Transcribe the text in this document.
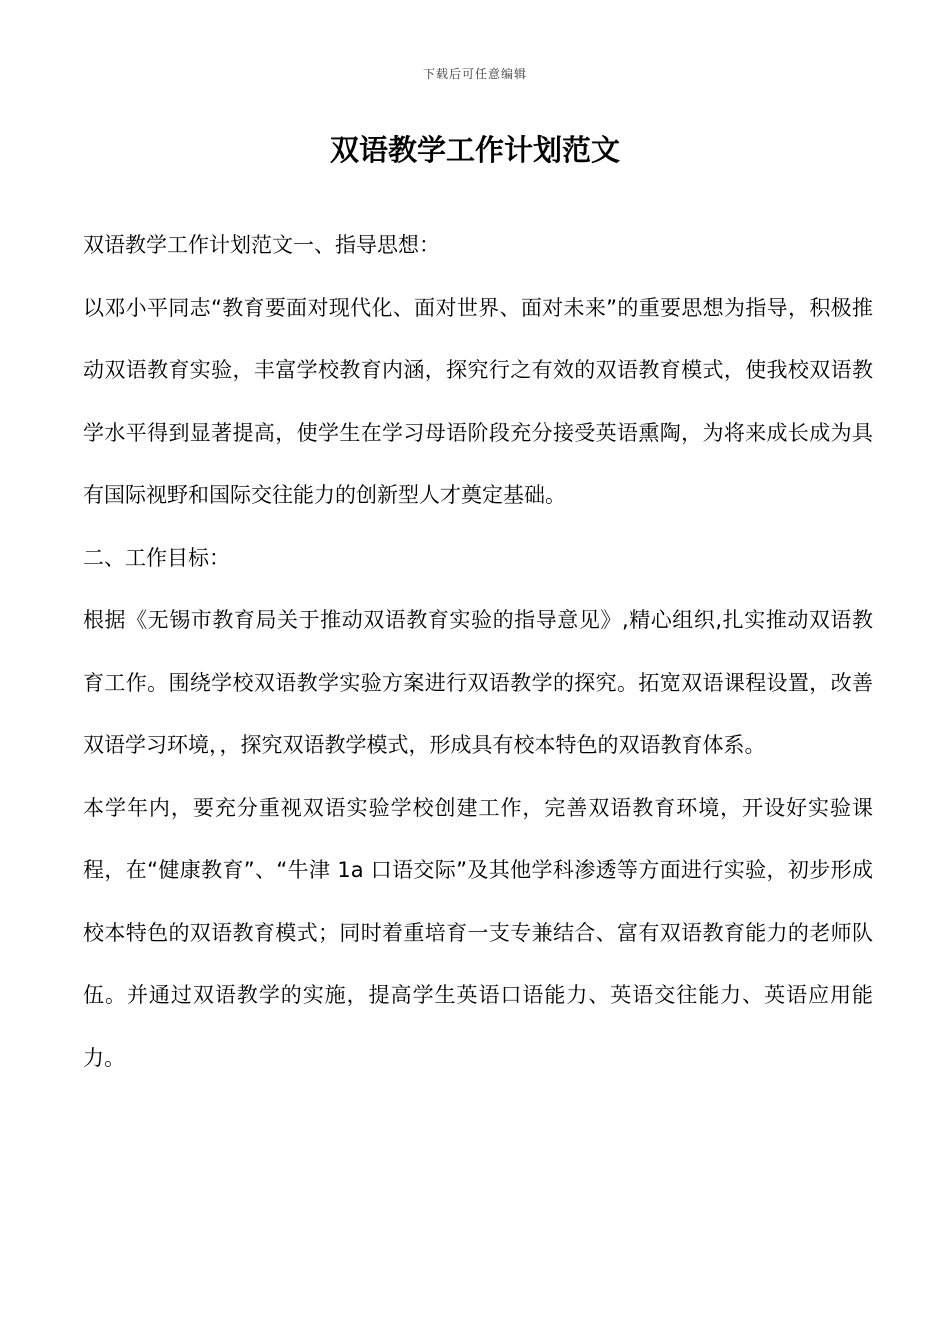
下载后可任意编辑
双语教学工作计划范文

双语教学工作计划范文一、指导思想：

以邓小平同志“教育要面对现代化、面对世界、面对未来”的重要思想为指导，积极推动双语教育实验，丰富学校教育内涵，探究行之有效的双语教育模式，使我校双语教学水平得到显著提高，使学生在学习母语阶段充分接受英语熏陶，为将来成长成为具有国际视野和国际交往能力的创新型人才奠定基础。

二、工作目标：

根据《无锡市教育局关于推动双语教育实验的指导意见》,精心组织,扎实推动双语教育工作。围绕学校双语教学实验方案进行双语教学的探究。拓宽双语课程设置，改善双语学习环境，，探究双语教学模式，形成具有校本特色的双语教育体系。

本学年内，要充分重视双语实验学校创建工作，完善双语教育环境，开设好实验课程，在“健康教育”、“牛津 1a 口语交际”及其他学科渗透等方面进行实验，初步形成校本特色的双语教育模式；同时着重培育一支专兼结合、富有双语教育能力的老师队伍。并通过双语教学的实施，提高学生英语口语能力、英语交往能力、英语应用能力。
